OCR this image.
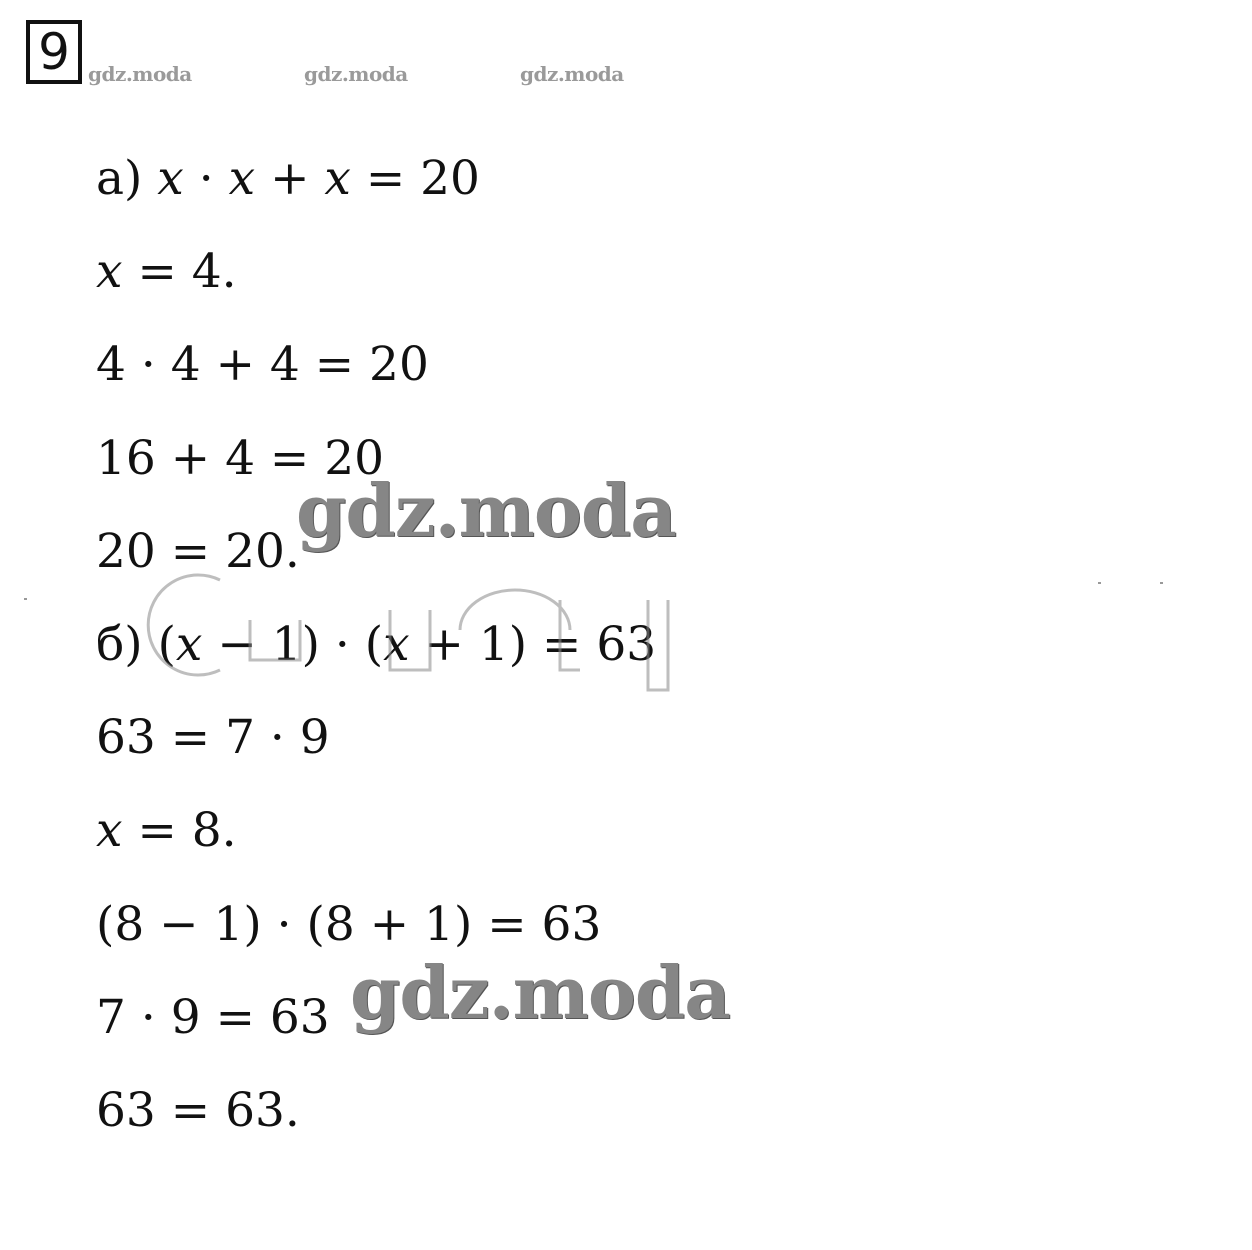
9 gdz.moda	gdz.moda	gdz.moda
а) 𝑥 · 𝑥 + 𝑥 = 20
𝑥 = 4.
4 · 4 + 4 = 20
16 + 4 = 20
20 = 20.
б) (𝑥 − 1) · (𝑥 + 1) = 63
63 = 7 · 9
𝑥 = 8.
(8 − 1) · (8 + 1) = 63
7 · 9 = 63
63 = 63.
gdz.moda
gdz.moda
